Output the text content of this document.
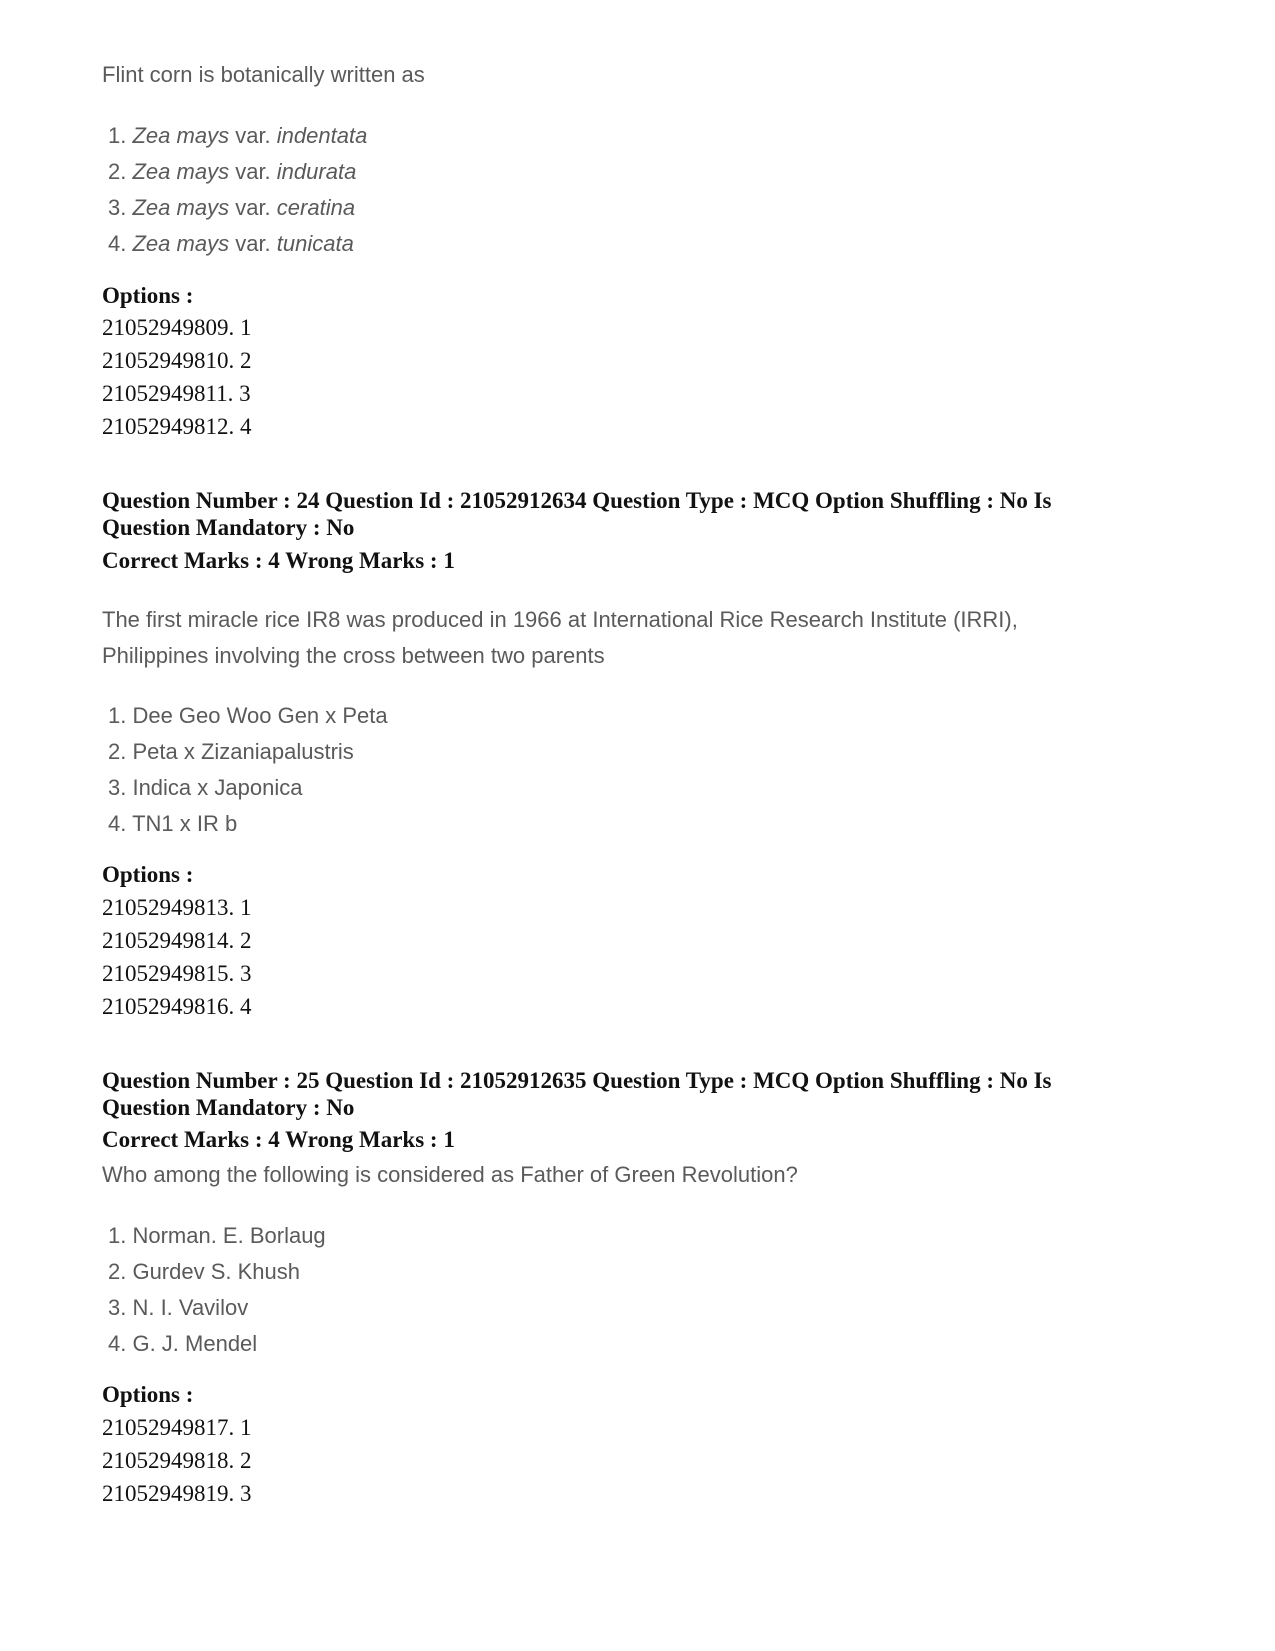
Flint corn is botanically written as
1. Zea mays var. indentata
2. Zea mays var. indurata
3. Zea mays var. ceratina
4. Zea mays var. tunicata
Options :
21052949809. 1
21052949810. 2
21052949811. 3
21052949812. 4
Question Number : 24 Question Id : 21052912634 Question Type : MCQ Option Shuffling : No Is
Question Mandatory : No
Correct Marks : 4 Wrong Marks : 1
The first miracle rice IR8 was produced in 1966 at International Rice Research Institute (IRRI),
Philippines involving the cross between two parents
1. Dee Geo Woo Gen x Peta
2. Peta x Zizaniapalustris
3. Indica x Japonica
4. TN1 x IR b
Options :
21052949813. 1
21052949814. 2
21052949815. 3
21052949816. 4
Question Number : 25 Question Id : 21052912635 Question Type : MCQ Option Shuffling : No Is
Question Mandatory : No
Correct Marks : 4 Wrong Marks : 1
Who among the following is considered as Father of Green Revolution?
1. Norman. E. Borlaug
2. Gurdev S. Khush
3. N. I. Vavilov
4. G. J. Mendel
Options :
21052949817. 1
21052949818. 2
21052949819. 3
